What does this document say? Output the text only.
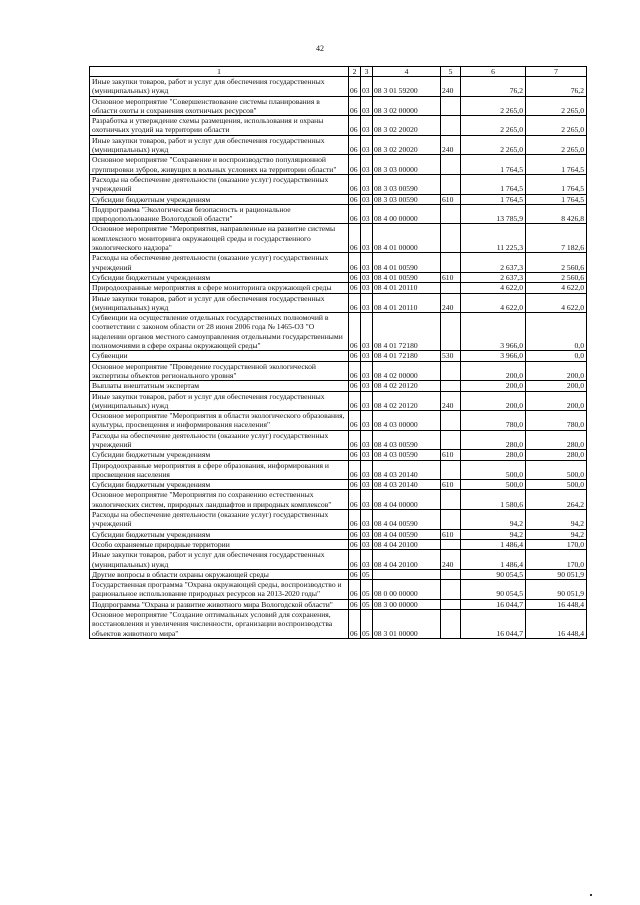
42
1	2	3	4	5	6	7
Иные закупки товаров, работ и услуг для обеспечения государственных (муниципальных) нужд	06	03	08 3 01 59200	240	76,2	76,2
Основное мероприятие "Совершенствование системы планирования в области охоты и сохранения охотничьих ресурсов"	06	03	08 3 02 00000		2 265,0	2 265,0
Разработка и утверждение схемы размещения, использования и охраны охотничьих угодий на территории области	06	03	08 3 02 20020		2 265,0	2 265,0
Иные закупки товаров, работ и услуг для обеспечения государственных (муниципальных) нужд	06	03	08 3 02 20020	240	2 265,0	2 265,0
Основное мероприятие "Сохранение и воспроизводство популяционной группировки зубров, живущих в вольных условиях на территории области"	06	03	08 3 03 00000		1 764,5	1 764,5
Расходы на обеспечение деятельности (оказание услуг) государственных учреждений	06	03	08 3 03 00590		1 764,5	1 764,5
Субсидии бюджетным учреждениям	06	03	08 3 03 00590	610	1 764,5	1 764,5
Подпрограмма "Экологическая безопасность и рациональное природопользование Вологодской области"	06	03	08 4 00 00000		13 785,9	8 426,8
Основное мероприятие "Мероприятия, направленные на развитие системы комплексного мониторинга окружающей среды и государственного экологического надзора"	06	03	08 4 01 00000		11 225,3	7 182,6
Расходы на обеспечение деятельности (оказание услуг) государственных учреждений	06	03	08 4 01 00590		2 637,3	2 560,6
Субсидии бюджетным учреждениям	06	03	08 4 01 00590	610	2 637,3	2 560,6
Природоохранные мероприятия в сфере мониторинга окружающей среды	06	03	08 4 01 20110		4 622,0	4 622,0
Иные закупки товаров, работ и услуг для обеспечения государственных (муниципальных) нужд	06	03	08 4 01 20110	240	4 622,0	4 622,0
Субвенции на осуществление отдельных государственных полномочий в соответствии с законом области от 28 июня 2006 года № 1465-ОЗ "О наделении органов местного самоуправления отдельными государственными полномочиями в сфере охраны окружающей среды"	06	03	08 4 01 72180		3 966,0	0,0
Субвенции	06	03	08 4 01 72180	530	3 966,0	0,0
Основное мероприятие "Проведение государственной экологической экспертизы объектов регионального уровня"	06	03	08 4 02 00000		200,0	200,0
Выплаты внештатным экспертам	06	03	08 4 02 20120		200,0	200,0
Иные закупки товаров, работ и услуг для обеспечения государственных (муниципальных) нужд	06	03	08 4 02 20120	240	200,0	200,0
Основное мероприятие "Мероприятия в области экологического образования, культуры, просвещения и информирования населения"	06	03	08 4 03 00000		780,0	780,0
Расходы на обеспечение деятельности (оказание услуг) государственных учреждений	06	03	08 4 03 00590		280,0	280,0
Субсидии бюджетным учреждениям	06	03	08 4 03 00590	610	280,0	280,0
Природоохранные мероприятия в сфере образования, информирования и просвещения населения	06	03	08 4 03 20140		500,0	500,0
Субсидии бюджетным учреждениям	06	03	08 4 03 20140	610	500,0	500,0
Основное мероприятие "Мероприятия по сохранению естественных экологических систем, природных ландшафтов и природных комплексов"	06	03	08 4 04 00000		1 580,6	264,2
Расходы на обеспечение деятельности (оказание услуг) государственных учреждений	06	03	08 4 04 00590		94,2	94,2
Субсидии бюджетным учреждениям	06	03	08 4 04 00590	610	94,2	94,2
Особо охраняемые природные территории	06	03	08 4 04 20100		1 486,4	170,0
Иные закупки товаров, работ и услуг для обеспечения государственных (муниципальных) нужд	06	03	08 4 04 20100	240	1 486,4	170,0
Другие вопросы в области охраны окружающей среды	06	05			90 054,5	90 051,9
Государственная программа "Охрана окружающей среды, воспроизводство и рациональное использование природных ресурсов на 2013-2020 годы"	06	05	08 0 00 00000		90 054,5	90 051,9
Подпрограмма "Охрана и развитие животного мира Вологодской области"	06	05	08 3 00 00000		16 044,7	16 448,4
Основное мероприятие "Создание оптимальных условий для сохранения, восстановления и увеличения численности, организации воспроизводства объектов животного мира"	06	05	08 3 01 00000		16 044,7	16 448,4
